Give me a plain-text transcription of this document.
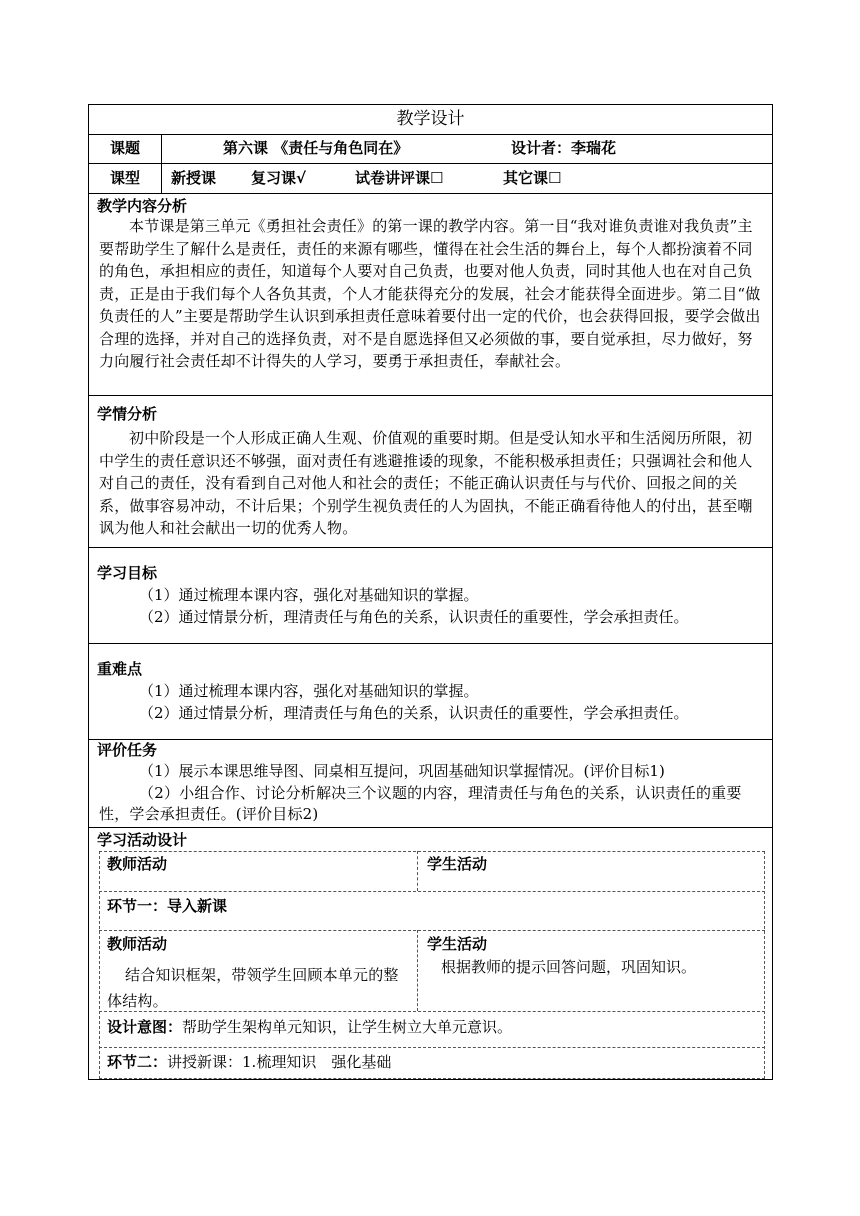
教学设计
课题	第六课 《责任与角色同在》	设计者：李瑞花
课型	新授课 复习课√	试卷讲评课☐	其它课☐
教学内容分析
本节课是第三单元《勇担社会责任》的第一课的教学内容。第一目“我对谁负责谁对我负责”主要帮助学生了解什么是责任，责任的来源有哪些，懂得在社会生活的舞台上，每个人都扮演着不同的角色，承担相应的责任，知道每个人要对自己负责，也要对他人负责，同时其他人也在对自己负责，正是由于我们每个人各负其责，个人才能获得充分的发展，社会才能获得全面进步。第二目“做负责任的人”主要是帮助学生认识到承担责任意味着要付出一定的代价，也会获得回报，要学会做出合理的选择，并对自己的选择负责，对不是自愿选择但又必须做的事，要自觉承担，尽力做好，努力向履行社会责任却不计得失的人学习，要勇于承担责任，奉献社会。
学情分析
初中阶段是一个人形成正确人生观、价值观的重要时期。但是受认知水平和生活阅历所限，初中学生的责任意识还不够强，面对责任有逃避推诿的现象，不能积极承担责任；只强调社会和他人对自己的责任，没有看到自己对他人和社会的责任；不能正确认识责任与与代价、回报之间的关系，做事容易冲动，不计后果；个别学生视负责任的人为固执，不能正确看待他人的付出，甚至嘲讽为他人和社会献出一切的优秀人物。
学习目标
（1）通过梳理本课内容，强化对基础知识的掌握。
（2）通过情景分析，理清责任与角色的关系，认识责任的重要性，学会承担责任。
重难点
（1）通过梳理本课内容，强化对基础知识的掌握。
（2）通过情景分析，理清责任与角色的关系，认识责任的重要性，学会承担责任。
评价任务
（1）展示本课思维导图、同桌相互提问，巩固基础知识掌握情况。(评价目标1)
（2）小组合作、讨论分析解决三个议题的内容，理清责任与角色的关系，认识责任的重要性，学会承担责任。(评价目标2)
学习活动设计
教师活动	学生活动
环节一：导入新课
教师活动	学生活动
结合知识框架，带领学生回顾本单元的整体结构。
根据教师的提示回答问题，巩固知识。
设计意图：帮助学生架构单元知识，让学生树立大单元意识。
环节二：讲授新课：1.梳理知识　强化基础
